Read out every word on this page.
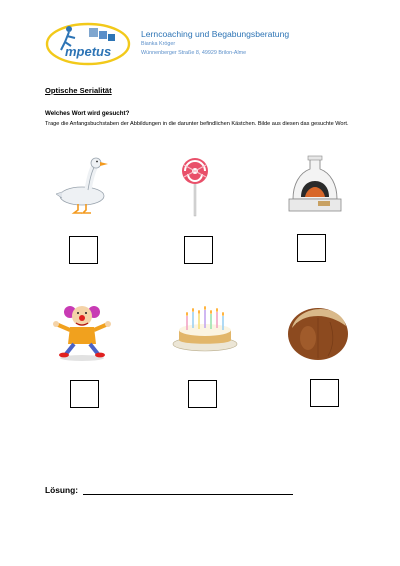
mpetus
Lerncoaching und Begabungsberatung
Bianka Kröger
Wünnenberger Straße 8, 49929 Brilon-Alme
Optische Serialität
Welches Wort wird gesucht?
Trage die Anfangsbuchstaben der Abbildungen in die darunter befindlichen Kästchen. Bilde aus diesen das gesuchte Wort.
Lösung:
